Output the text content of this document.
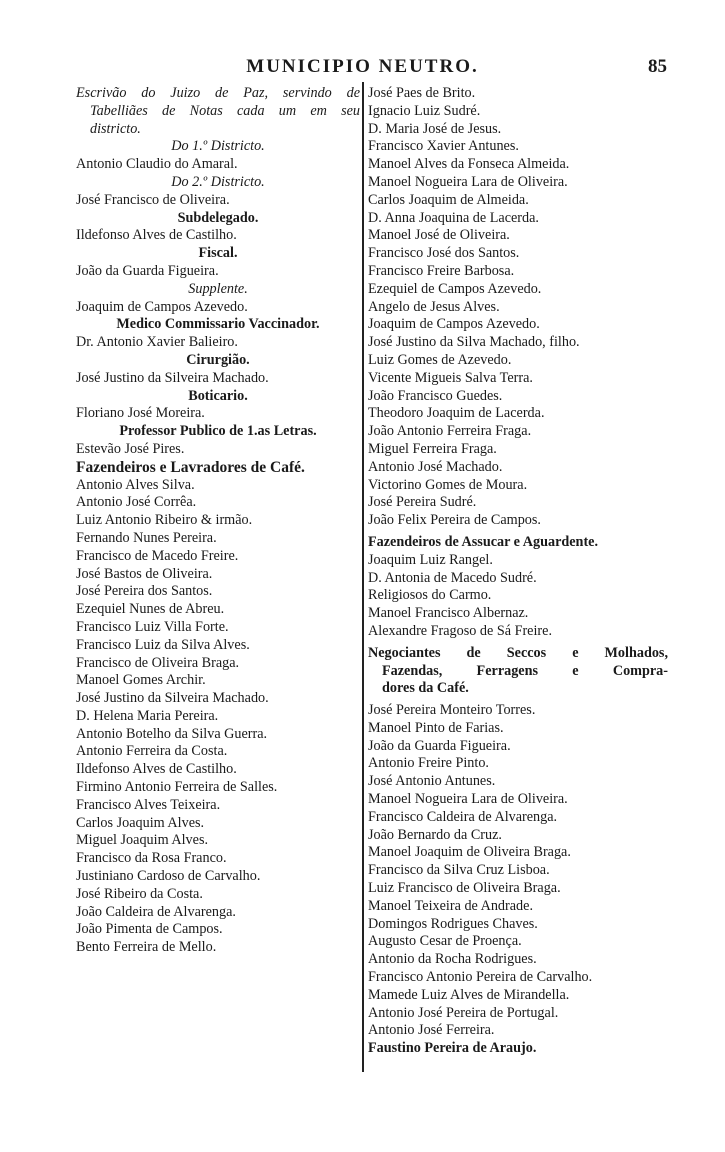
MUNICIPIO NEUTRO.	85
Escrivão do Juizo de Paz, servindo de
Tabelliães de Notas cada um em seu
districto.
Do 1.º Districto.
Antonio Claudio do Amaral.
Do 2.º Districto.
José Francisco de Oliveira.
Subdelegado.
Ildefonso Alves de Castilho.
Fiscal.
João da Guarda Figueira.
Supplente.
Joaquim de Campos Azevedo.
Medico Commissario Vaccinador.
Dr. Antonio Xavier Balieiro.
Cirurgião.
José Justino da Silveira Machado.
Boticario.
Floriano José Moreira.
Professor Publico de 1.as Letras.
Estevão José Pires.
Fazendeiros e Lavradores de Café.
Antonio Alves Silva.
Antonio José Corrêa.
Luiz Antonio Ribeiro & irmão.
Fernando Nunes Pereira.
Francisco de Macedo Freire.
José Bastos de Oliveira.
José Pereira dos Santos.
Ezequiel Nunes de Abreu.
Francisco Luiz Villa Forte.
Francisco Luiz da Silva Alves.
Francisco de Oliveira Braga.
Manoel Gomes Archir.
José Justino da Silveira Machado.
D. Helena Maria Pereira.
Antonio Botelho da Silva Guerra.
Antonio Ferreira da Costa.
Ildefonso Alves de Castilho.
Firmino Antonio Ferreira de Salles.
Francisco Alves Teixeira.
Carlos Joaquim Alves.
Miguel Joaquim Alves.
Francisco da Rosa Franco.
Justiniano Cardoso de Carvalho.
José Ribeiro da Costa.
João Caldeira de Alvarenga.
João Pimenta de Campos.
Bento Ferreira de Mello.
José Paes de Brito.
Ignacio Luiz Sudré.
D. Maria José de Jesus.
Francisco Xavier Antunes.
Manoel Alves da Fonseca Almeida.
Manoel Nogueira Lara de Oliveira.
Carlos Joaquim de Almeida.
D. Anna Joaquina de Lacerda.
Manoel José de Oliveira.
Francisco José dos Santos.
Francisco Freire Barbosa.
Ezequiel de Campos Azevedo.
Angelo de Jesus Alves.
Joaquim de Campos Azevedo.
José Justino da Silva Machado, filho.
Luiz Gomes de Azevedo.
Vicente Migueis Salva Terra.
João Francisco Guedes.
Theodoro Joaquim de Lacerda.
João Antonio Ferreira Fraga.
Miguel Ferreira Fraga.
Antonio José Machado.
Victorino Gomes de Moura.
José Pereira Sudré.
João Felix Pereira de Campos.
Fazendeiros de Assucar e Aguardente.
Joaquim Luiz Rangel.
D. Antonia de Macedo Sudré.
Religiosos do Carmo.
Manoel Francisco Albernaz.
Alexandre Fragoso de Sá Freire.
Negociantes de Seccos e Molhados,
Fazendas, Ferragens e Compra-
dores da Café.
José Pereira Monteiro Torres.
Manoel Pinto de Farias.
João da Guarda Figueira.
Antonio Freire Pinto.
José Antonio Antunes.
Manoel Nogueira Lara de Oliveira.
Francisco Caldeira de Alvarenga.
João Bernardo da Cruz.
Manoel Joaquim de Oliveira Braga.
Francisco da Silva Cruz Lisboa.
Luiz Francisco de Oliveira Braga.
Manoel Teixeira de Andrade.
Domingos Rodrigues Chaves.
Augusto Cesar de Proença.
Antonio da Rocha Rodrigues.
Francisco Antonio Pereira de Carvalho.
Mamede Luiz Alves de Mirandella.
Antonio José Pereira de Portugal.
Antonio José Ferreira.
Faustino Pereira de Araujo.
